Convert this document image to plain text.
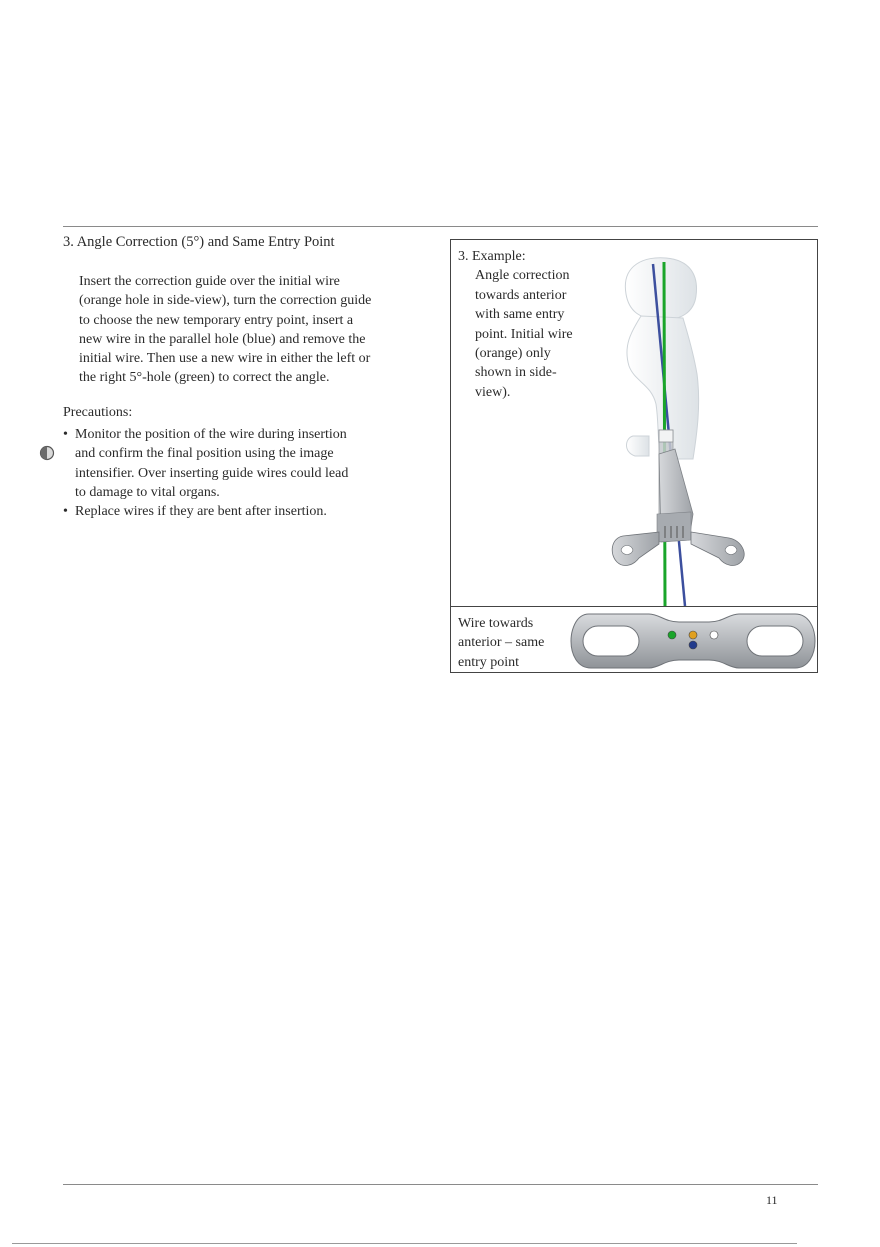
3. Angle Correction (5°) and Same Entry Point
Insert the correction guide over the initial wire
(orange hole in side-view), turn the correction guide
to choose the new temporary entry point, insert a
new wire in the parallel hole (blue) and remove the
initial wire. Then use a new wire in either the left or
the right 5°-hole (green) to correct the angle.
Precautions:
• Monitor the position of the wire during insertion
and confirm the final position using the image
intensifier. Over inserting guide wires could lead
to damage to vital organs.
• Replace wires if they are bent after insertion.
3. Example:
Angle correction
towards anterior
with same entry
point. Initial wire
(orange) only
shown in side-
view).
Wire towards
anterior – same
entry point
11
